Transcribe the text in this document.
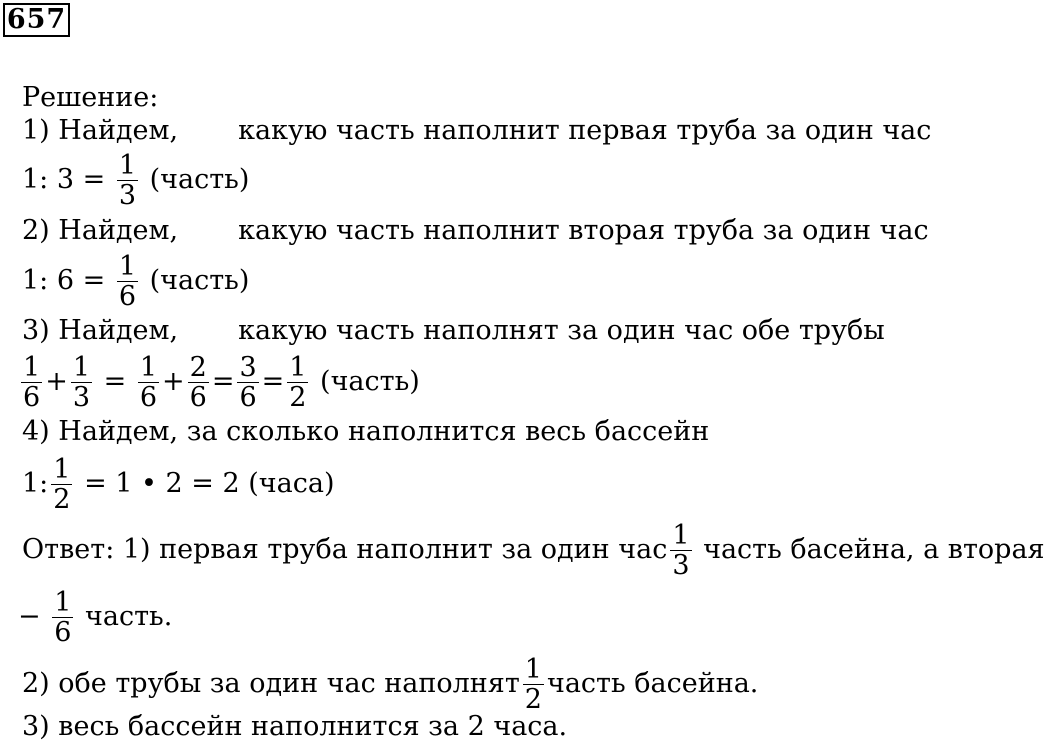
657
Решение:
1) Найдем, какую часть наполнит первая труба за один час
1: $3 = \frac{1}{3}$ (часть)
2) Найдем, какую часть наполнит вторая труба за один час
1: $6 = \frac{1}{6}$ (часть)
3) Найдем, какую часть наполнят за один час обе трубы
$\frac{1}{6} + \frac{1}{3} = \frac{1}{6} + \frac{2}{6} = \frac{3}{6} = \frac{1}{2}$ (часть)
4) Найдем, за сколько наполнится весь бассейн
1: $\frac{1}{2} = 1$ • 2 = 2 (часа)
Ответ: 1) первая труба наполнит за один час $\frac{1}{3}$ часть басейна, а вторая
− $\frac{1}{6}$ часть.
2) обе трубы за один час наполнят $\frac{1}{2}$ часть басейна.
3) весь бассейн наполнится за 2 часа.
